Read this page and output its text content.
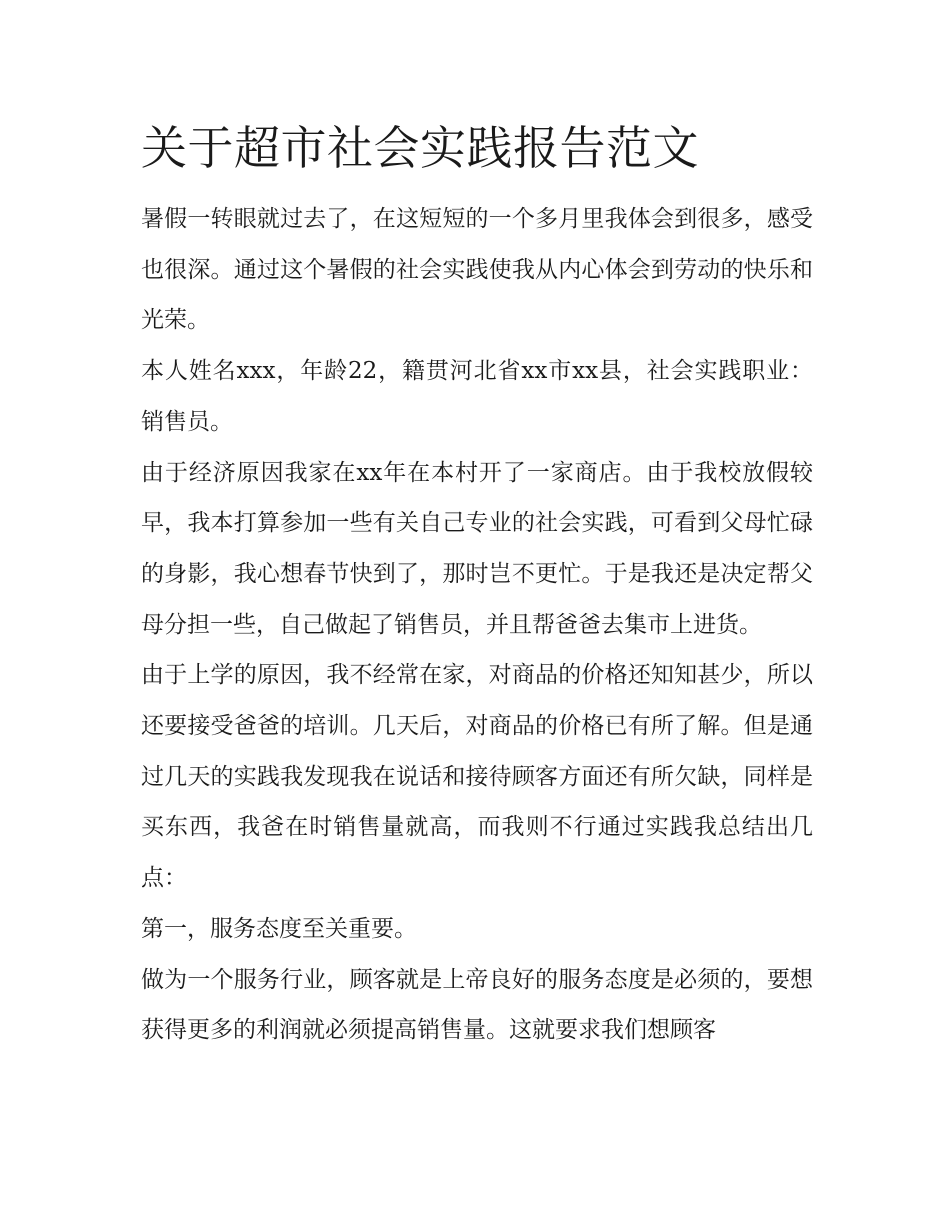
关于超市社会实践报告范文

暑假一转眼就过去了，在这短短的一个多月里我体会到很多，感受也很深。通过这个暑假的社会实践使我从内心体会到劳动的快乐和光荣。

本人姓名xxx，年龄22，籍贯河北省xx市xx县，社会实践职业：销售员。

由于经济原因我家在xx年在本村开了一家商店。由于我校放假较早，我本打算参加一些有关自己专业的社会实践，可看到父母忙碌的身影，我心想春节快到了，那时岂不更忙。于是我还是决定帮父母分担一些，自己做起了销售员，并且帮爸爸去集市上进货。

由于上学的原因，我不经常在家，对商品的价格还知知甚少，所以还要接受爸爸的培训。几天后，对商品的价格已有所了解。但是通过几天的实践我发现我在说话和接待顾客方面还有所欠缺，同样是买东西，我爸在时销售量就高，而我则不行通过实践我总结出几点：

第一，服务态度至关重要。

做为一个服务行业，顾客就是上帝良好的服务态度是必须的，要想获得更多的利润就必须提高销售量。这就要求我们想顾客
